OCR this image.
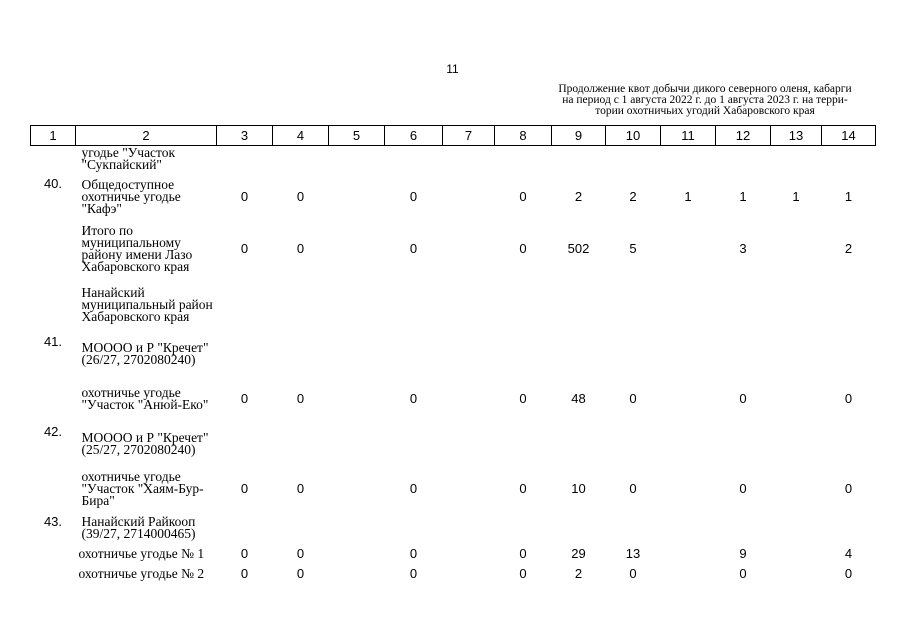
11
Продолжение квот добычи дикого северного оленя, кабарги
на период с 1 августа 2022 г. до 1 августа 2023 г. на терри-
тории охотничьих угодий Хабаровского края
1	2	3	4	5	6	7	8	9	10	11	12	13	14
	угодье "Участок "Сукпайский"												
40.	Общедоступное охотничье угодье "Кафэ"	0	0		0		0	2	2	1	1	1	1
	Итого по муниципальному району имени Лазо Хабаровского края	0	0		0		0	502	5		3		2
	Нанайский муниципальный район Хабаровского края												
41.	МОООО и Р "Кречет" (26/27, 2702080240)												
	охотничье угодье "Участок "Анюй-Еко"	0	0		0		0	48	0		0		0
42.	МОООО и Р "Кречет" (25/27, 2702080240)												
	охотничье угодье "Участок "Хаям-Бур-Бира"	0	0		0		0	10	0		0		0
43.	Нанайский Райкооп (39/27, 2714000465)												
	охотничье угодье № 1	0	0		0		0	29	13		9		4
	охотничье угодье № 2	0	0		0		0	2	0		0		0
